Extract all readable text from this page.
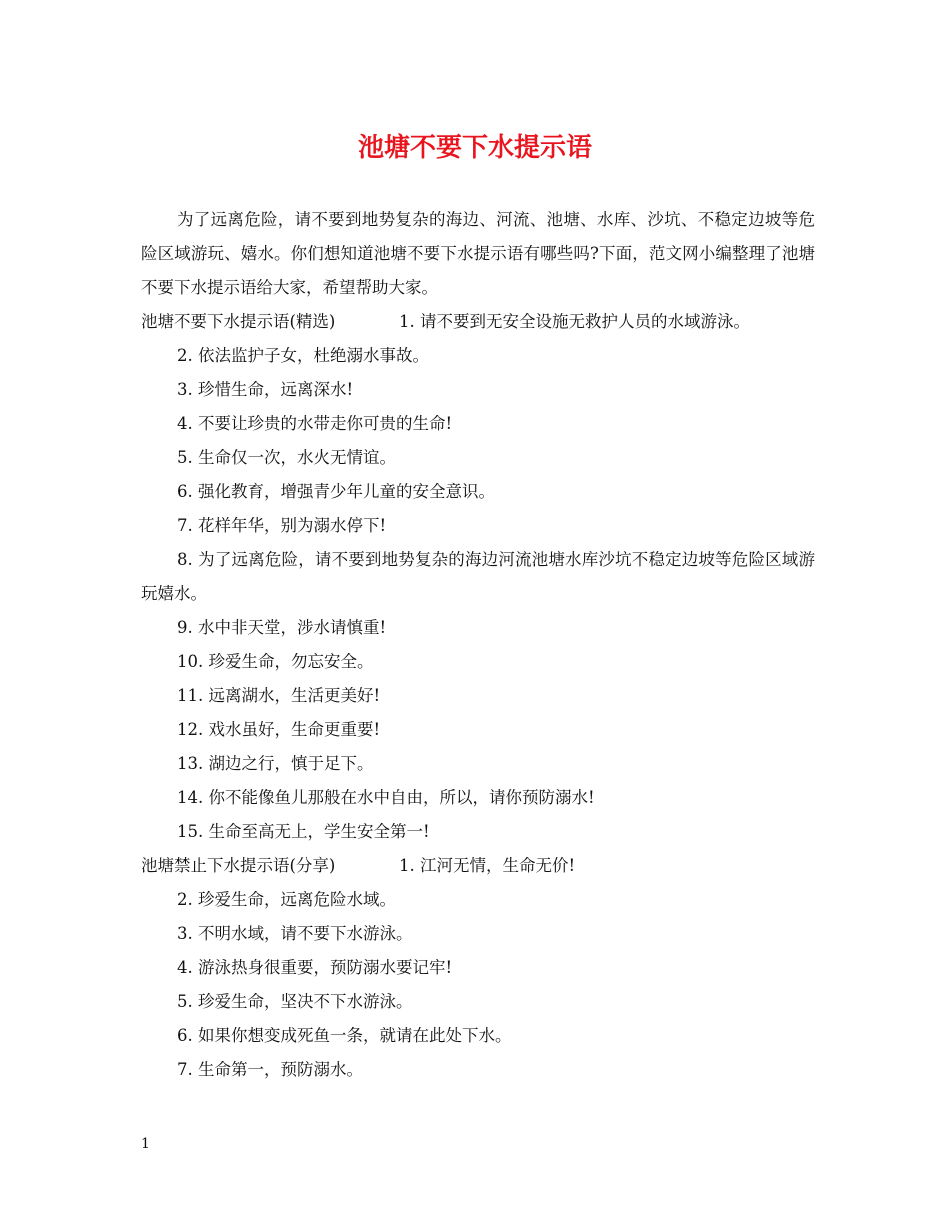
池塘不要下水提示语

为了远离危险，请不要到地势复杂的海边、河流、池塘、水库、沙坑、不稳定边坡等危险区域游玩、嬉水。你们想知道池塘不要下水提示语有哪些吗?下面，范文网小编整理了池塘不要下水提示语给大家，希望帮助大家。

池塘不要下水提示语(精选)	1. 请不要到无安全设施无救护人员的水域游泳。

2. 依法监护子女，杜绝溺水事故。

3. 珍惜生命，远离深水!

4. 不要让珍贵的水带走你可贵的生命!

5. 生命仅一次，水火无情谊。

6. 强化教育，增强青少年儿童的安全意识。

7. 花样年华，别为溺水停下!

8. 为了远离危险，请不要到地势复杂的海边河流池塘水库沙坑不稳定边坡等危险区域游玩嬉水。

9. 水中非天堂，涉水请慎重!

10. 珍爱生命，勿忘安全。

11. 远离湖水，生活更美好!

12. 戏水虽好，生命更重要!

13. 湖边之行，慎于足下。

14. 你不能像鱼儿那般在水中自由，所以，请你预防溺水!

15. 生命至高无上，学生安全第一!

池塘禁止下水提示语(分享)	1. 江河无情，生命无价!

2. 珍爱生命，远离危险水域。

3. 不明水域，请不要下水游泳。

4. 游泳热身很重要，预防溺水要记牢!

5. 珍爱生命，坚决不下水游泳。

6. 如果你想变成死鱼一条，就请在此处下水。

7. 生命第一，预防溺水。

1
